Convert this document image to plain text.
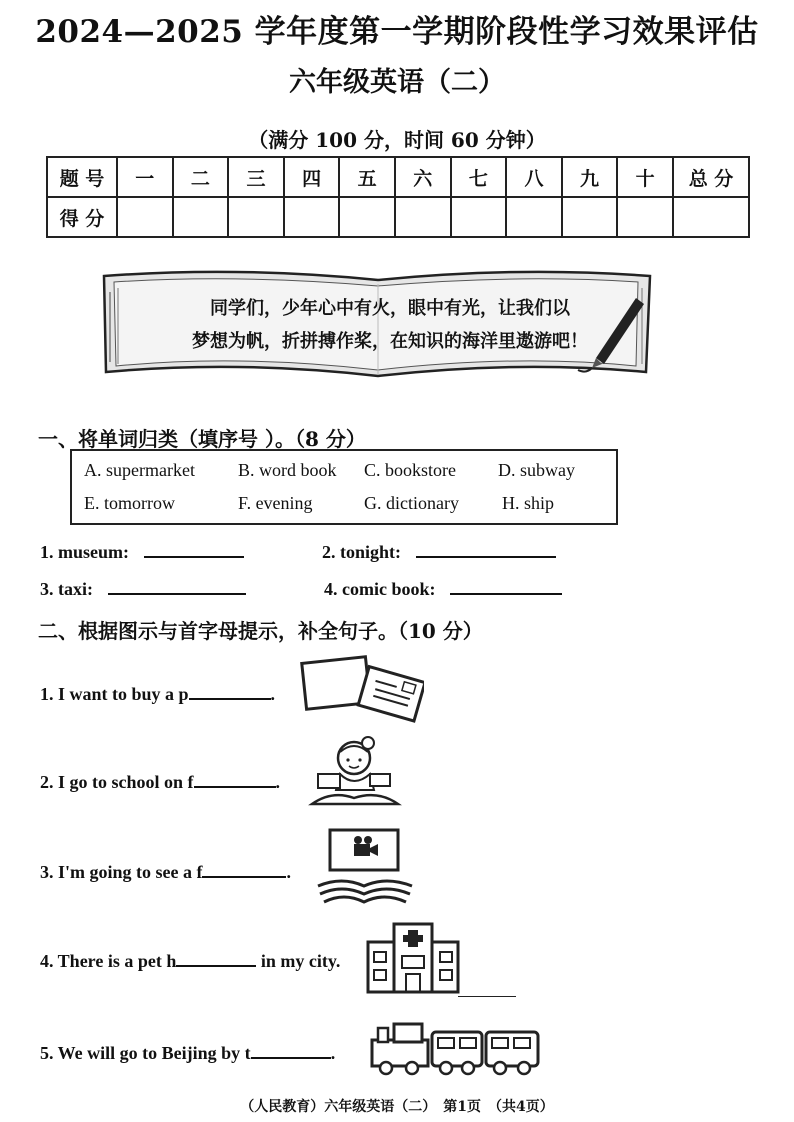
2024—2025 学年度第一学期阶段性学习效果评估
六年级英语（二）
（满分 100 分，时间 60 分钟）
题 号	一	二	三	四	五	六	七	八	九	十	总 分
得 分											
同学们，少年心中有火，眼中有光，让我们以
梦想为帆，折拼搏作桨，在知识的海洋里遨游吧！
一、将单词归类（填序号 ）。（8 分）
A. supermarket B. word book C. bookstore D. subway
E. tomorrow	F. evening	G. dictionary H. ship
1. museum:	2. tonight:
3. taxi:	4. comic book:
二、根据图示与首字母提示，补全句子。（10 分）
1. I want to buy a p	.
2. I go to school on f	.
3. I'm going to see a f	.
4. There is a pet h	in my city.
5. We will go to Beijing by t	.
（人民教育）六年级英语（二）　第1页　（共4页）
